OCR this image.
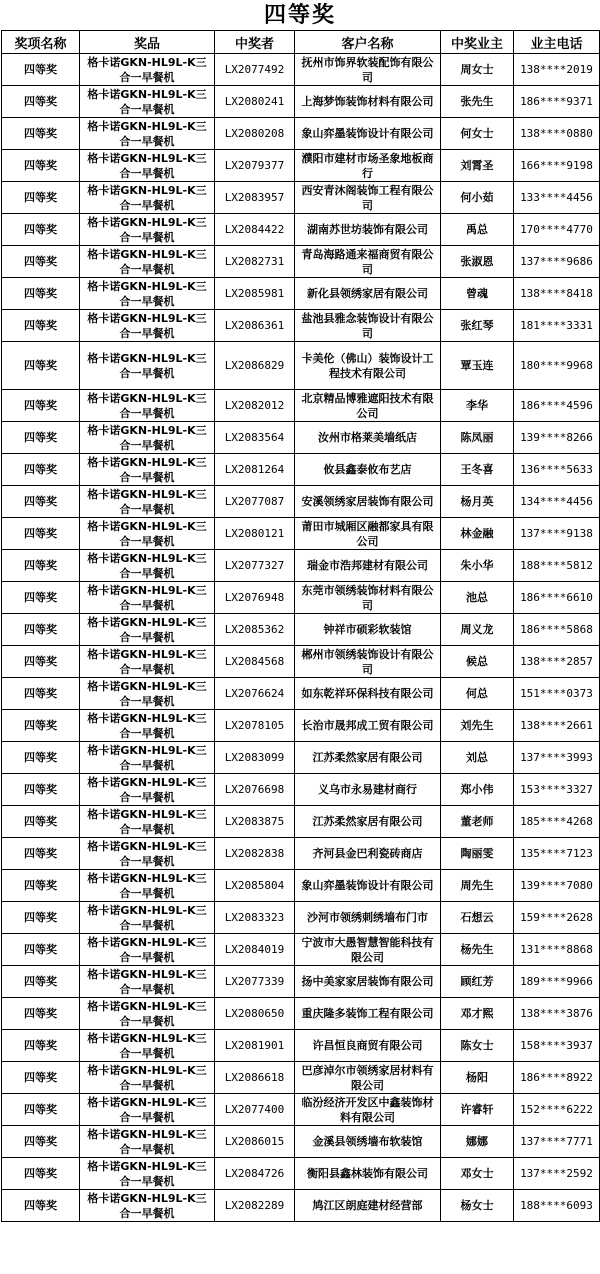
四等奖
奖项名称	奖品	中奖者	客户名称	中奖业主	业主电话
四等奖	格卡诺GKN-HL9L-K三合一早餐机	LX2077492	抚州市饰界软装配饰有限公司	周女士	138****2019
四等奖	格卡诺GKN-HL9L-K三合一早餐机	LX2080241	上海梦饰装饰材料有限公司	张先生	186****9371
四等奖	格卡诺GKN-HL9L-K三合一早餐机	LX2080208	象山弈墨装饰设计有限公司	何女士	138****0880
四等奖	格卡诺GKN-HL9L-K三合一早餐机	LX2079377	濮阳市建材市场圣象地板商行	刘霄圣	166****9198
四等奖	格卡诺GKN-HL9L-K三合一早餐机	LX2083957	西安青沐阁装饰工程有限公司	何小茹	133****4456
四等奖	格卡诺GKN-HL9L-K三合一早餐机	LX2084422	湖南苏世坊装饰有限公司	禹总	170****4770
四等奖	格卡诺GKN-HL9L-K三合一早餐机	LX2082731	青岛海路通来福商贸有限公司	张淑恩	137****9686
四等奖	格卡诺GKN-HL9L-K三合一早餐机	LX2085981	新化县领绣家居有限公司	曾魂	138****8418
四等奖	格卡诺GKN-HL9L-K三合一早餐机	LX2086361	盐池县雅念装饰设计有限公司	张红琴	181****3331
四等奖	格卡诺GKN-HL9L-K三合一早餐机	LX2086829	卡美伦（佛山）装饰设计工程技术有限公司	覃玉连	180****9968
四等奖	格卡诺GKN-HL9L-K三合一早餐机	LX2082012	北京精品博雅遮阳技术有限公司	李华	186****4596
四等奖	格卡诺GKN-HL9L-K三合一早餐机	LX2083564	汝州市格莱美墙纸店	陈凤丽	139****8266
四等奖	格卡诺GKN-HL9L-K三合一早餐机	LX2081264	攸县鑫泰攸布艺店	王冬喜	136****5633
四等奖	格卡诺GKN-HL9L-K三合一早餐机	LX2077087	安溪领绣家居装饰有限公司	杨月英	134****4456
四等奖	格卡诺GKN-HL9L-K三合一早餐机	LX2080121	莆田市城厢区融都家具有限公司	林金融	137****9138
四等奖	格卡诺GKN-HL9L-K三合一早餐机	LX2077327	瑞金市浩邦建材有限公司	朱小华	188****5812
四等奖	格卡诺GKN-HL9L-K三合一早餐机	LX2076948	东莞市领绣装饰材料有限公司	池总	186****6610
四等奖	格卡诺GKN-HL9L-K三合一早餐机	LX2085362	钟祥市硕彩软装馆	周义龙	186****5868
四等奖	格卡诺GKN-HL9L-K三合一早餐机	LX2084568	郴州市领绣装饰设计有限公司	候总	138****2857
四等奖	格卡诺GKN-HL9L-K三合一早餐机	LX2076624	如东乾祥环保科技有限公司	何总	151****0373
四等奖	格卡诺GKN-HL9L-K三合一早餐机	LX2078105	长治市晟邦成工贸有限公司	刘先生	138****2661
四等奖	格卡诺GKN-HL9L-K三合一早餐机	LX2083099	江苏柔然家居有限公司	刘总	137****3993
四等奖	格卡诺GKN-HL9L-K三合一早餐机	LX2076698	义乌市永易建材商行	郑小伟	153****3327
四等奖	格卡诺GKN-HL9L-K三合一早餐机	LX2083875	江苏柔然家居有限公司	董老师	185****4268
四等奖	格卡诺GKN-HL9L-K三合一早餐机	LX2082838	齐河县金巴利瓷砖商店	陶丽雯	135****7123
四等奖	格卡诺GKN-HL9L-K三合一早餐机	LX2085804	象山弈墨装饰设计有限公司	周先生	139****7080
四等奖	格卡诺GKN-HL9L-K三合一早餐机	LX2083323	沙河市领绣刺绣墙布门市	石想云	159****2628
四等奖	格卡诺GKN-HL9L-K三合一早餐机	LX2084019	宁波市大愚智慧智能科技有限公司	杨先生	131****8868
四等奖	格卡诺GKN-HL9L-K三合一早餐机	LX2077339	扬中美家家居装饰有限公司	顾红芳	189****9966
四等奖	格卡诺GKN-HL9L-K三合一早餐机	LX2080650	重庆隆多装饰工程有限公司	邓才熙	138****3876
四等奖	格卡诺GKN-HL9L-K三合一早餐机	LX2081901	许昌恒良商贸有限公司	陈女士	158****3937
四等奖	格卡诺GKN-HL9L-K三合一早餐机	LX2086618	巴彦淖尔市领绣家居材料有限公司	杨阳	186****8922
四等奖	格卡诺GKN-HL9L-K三合一早餐机	LX2077400	临汾经济开发区中鑫装饰材料有限公司	许睿轩	152****6222
四等奖	格卡诺GKN-HL9L-K三合一早餐机	LX2086015	金溪县领绣墙布软装馆	娜娜	137****7771
四等奖	格卡诺GKN-HL9L-K三合一早餐机	LX2084726	衡阳县鑫林装饰有限公司	邓女士	137****2592
四等奖	格卡诺GKN-HL9L-K三合一早餐机	LX2082289	鸠江区朗庭建材经营部	杨女士	188****6093
